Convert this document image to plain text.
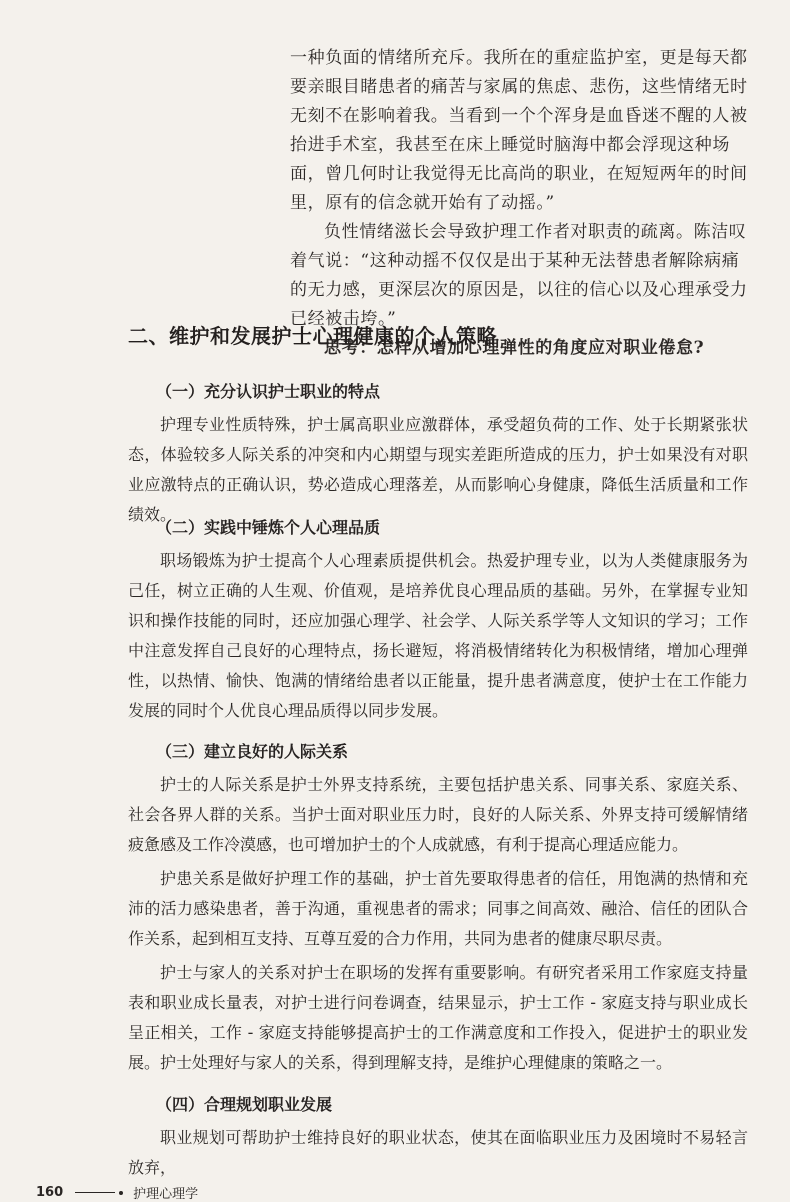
一种负面的情绪所充斥。我所在的重症监护室，更是每天都要亲眼目睹患者的痛苦与家属的焦虑、悲伤，这些情绪无时无刻不在影响着我。当看到一个个浑身是血昏迷不醒的人被抬进手术室，我甚至在床上睡觉时脑海中都会浮现这种场面，曾几何时让我觉得无比高尚的职业，在短短两年的时间里，原有的信念就开始有了动摇。”

负性情绪滋长会导致护理工作者对职责的疏离。陈洁叹着气说：“这种动摇不仅仅是出于某种无法替患者解除病痛的无力感，更深层次的原因是，以往的信心以及心理承受力已经被击垮。”

思考：怎样从增加心理弹性的角度应对职业倦怠?

二、维护和发展护士心理健康的个人策略

（一）充分认识护士职业的特点

护理专业性质特殊，护士属高职业应激群体，承受超负荷的工作、处于长期紧张状态，体验较多人际关系的冲突和内心期望与现实差距所造成的压力，护士如果没有对职业应激特点的正确认识，势必造成心理落差，从而影响心身健康，降低生活质量和工作绩效。

（二）实践中锤炼个人心理品质

职场锻炼为护士提高个人心理素质提供机会。热爱护理专业，以为人类健康服务为己任，树立正确的人生观、价值观，是培养优良心理品质的基础。另外，在掌握专业知识和操作技能的同时，还应加强心理学、社会学、人际关系学等人文知识的学习；工作中注意发挥自己良好的心理特点，扬长避短，将消极情绪转化为积极情绪，增加心理弹性，以热情、愉快、饱满的情绪给患者以正能量，提升患者满意度，使护士在工作能力发展的同时个人优良心理品质得以同步发展。

（三）建立良好的人际关系

护士的人际关系是护士外界支持系统，主要包括护患关系、同事关系、家庭关系、社会各界人群的关系。当护士面对职业压力时，良好的人际关系、外界支持可缓解情绪疲惫感及工作冷漠感，也可增加护士的个人成就感，有利于提高心理适应能力。

护患关系是做好护理工作的基础，护士首先要取得患者的信任，用饱满的热情和充沛的活力感染患者，善于沟通，重视患者的需求；同事之间高效、融洽、信任的团队合作关系，起到相互支持、互尊互爱的合力作用，共同为患者的健康尽职尽责。

护士与家人的关系对护士在职场的发挥有重要影响。有研究者采用工作家庭支持量表和职业成长量表，对护士进行问卷调查，结果显示，护士工作 - 家庭支持与职业成长呈正相关，工作 - 家庭支持能够提高护士的工作满意度和工作投入，促进护士的职业发展。护士处理好与家人的关系，得到理解支持，是维护心理健康的策略之一。

（四）合理规划职业发展

职业规划可帮助护士维持良好的职业状态，使其在面临职业压力及困境时不易轻言放弃，

160	护理心理学
